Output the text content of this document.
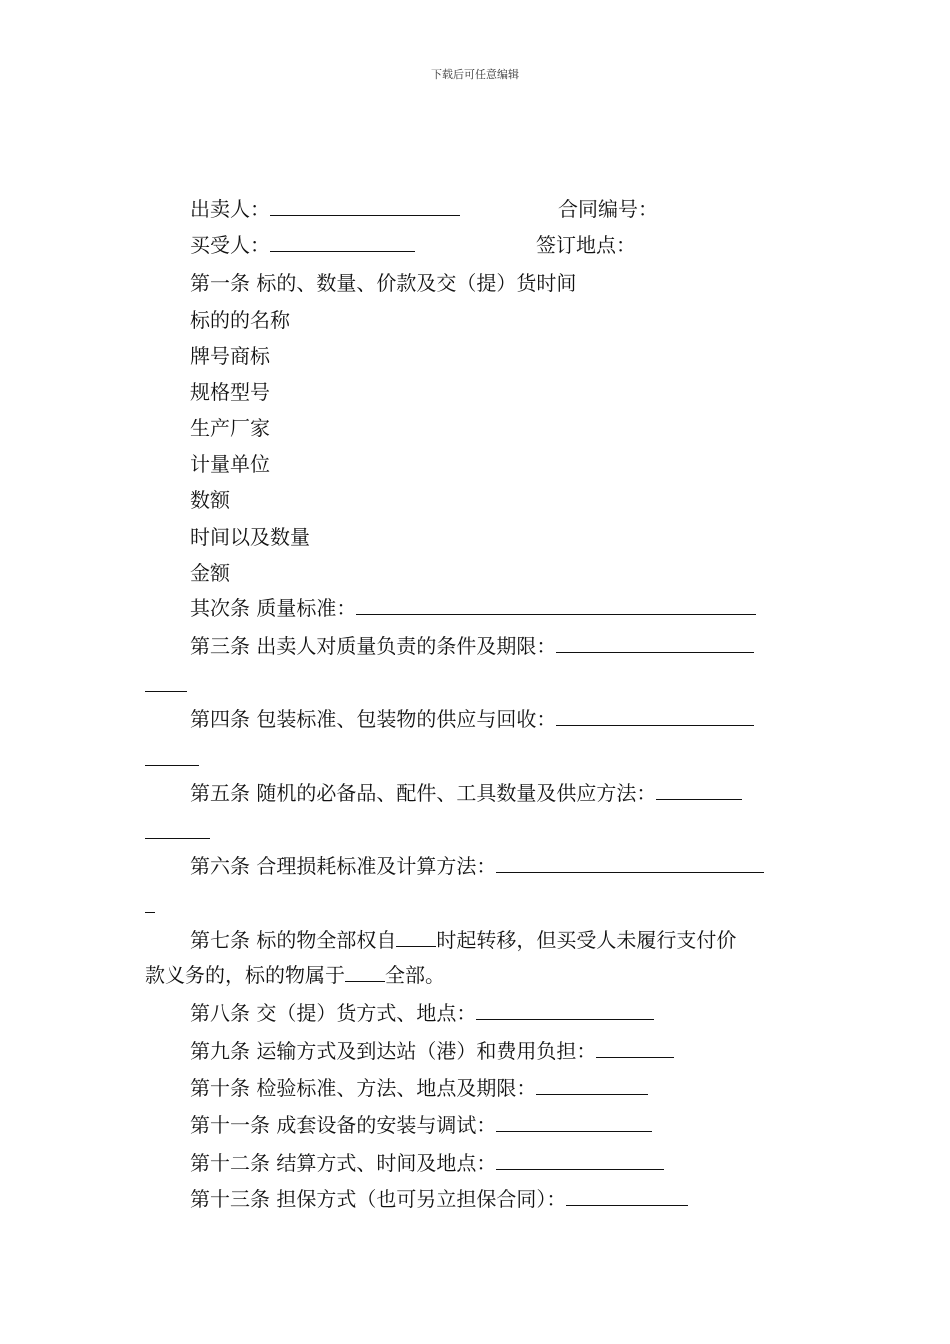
下载后可任意编辑
出卖人：	合同编号：
买受人：	签订地点：
第一条 标的、数量、价款及交（提）货时间
标的的名称
牌号商标
规格型号
生产厂家
计量单位
数额
时间以及数量
金额
其次条 质量标准：
第三条 出卖人对质量负责的条件及期限：
第四条 包装标准、包装物的供应与回收：
第五条 随机的必备品、配件、工具数量及供应方法：
第六条 合理损耗标准及计算方法：
第七条 标的物全部权自 时起转移，但买受人未履行支付价
款义务的，标的物属于 全部。
第八条 交（提）货方式、地点：
第九条 运输方式及到达站（港）和费用负担：
第十条 检验标准、方法、地点及期限：
第十一条 成套设备的安装与调试：
第十二条 结算方式、时间及地点：
第十三条 担保方式（也可另立担保合同）：
